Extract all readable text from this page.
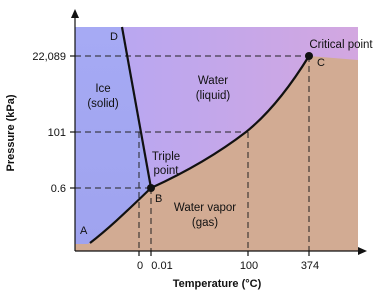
22,089
101
0.6
0 0.01	100	374
Temperature (°C)
Pressure (kPa)
Ice
(solid)
Water
(liquid)
Water vapor
(gas)
A
B
C
D
Triple
point
Critical point
